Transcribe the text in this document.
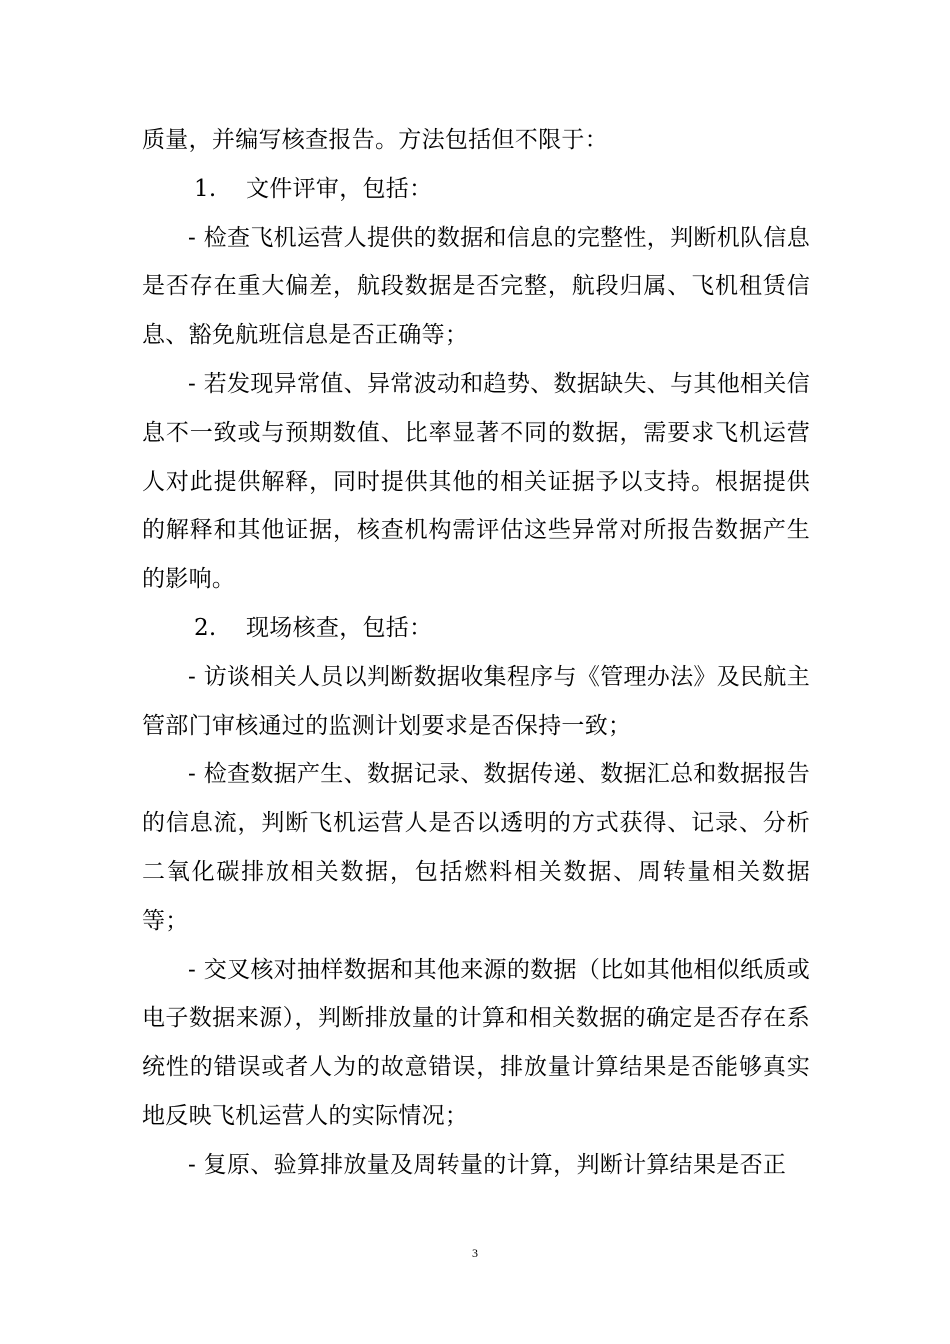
质量，并编写核查报告。方法包括但不限于：

1. 文件评审，包括：

- 检查飞机运营人提供的数据和信息的完整性，判断机队信息是否存在重大偏差，航段数据是否完整，航段归属、飞机租赁信息、豁免航班信息是否正确等；

- 若发现异常值、异常波动和趋势、数据缺失、与其他相关信息不一致或与预期数值、比率显著不同的数据，需要求飞机运营人对此提供解释，同时提供其他的相关证据予以支持。根据提供的解释和其他证据，核查机构需评估这些异常对所报告数据产生的影响。

2. 现场核查，包括：

- 访谈相关人员以判断数据收集程序与《管理办法》及民航主管部门审核通过的监测计划要求是否保持一致；

- 检查数据产生、数据记录、数据传递、数据汇总和数据报告的信息流，判断飞机运营人是否以透明的方式获得、记录、分析二氧化碳排放相关数据，包括燃料相关数据、周转量相关数据等；

- 交叉核对抽样数据和其他来源的数据（比如其他相似纸质或电子数据来源），判断排放量的计算和相关数据的确定是否存在系统性的错误或者人为的故意错误，排放量计算结果是否能够真实地反映飞机运营人的实际情况；

- 复原、验算排放量及周转量的计算，判断计算结果是否正

3
